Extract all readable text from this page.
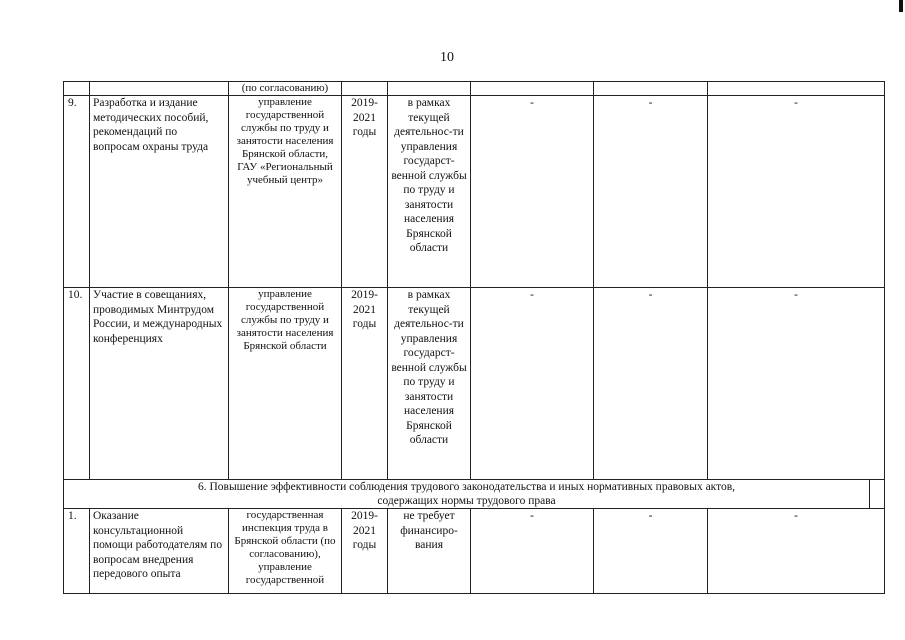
10
		(по согласованию)						
9.	Разработка и издание методических пособий, рекомендаций по вопросам охраны труда	управление государственной службы по труду и занятости населения Брянской области, ГАУ «Региональный учебный центр»	2019-2021 годы	в рамках текущей деятельнос-ти управления государст-венной службы по труду и занятости населения Брянской области	-	-	-	
10.	Участие в совещаниях, проводимых Минтрудом России, и международных конференциях	управление государственной службы по труду и занятости населения Брянской области	2019-2021 годы	в рамках текущей деятельнос-ти управления государст-венной службы по труду и занятости населения Брянской области	-	-	-	

6. Повышение эффективности соблюдения трудового законодательства и иных нормативных правовых актов,
содержащих нормы трудового права								

1.	Оказание консультационной помощи работодателям по вопросам внедрения передового опыта	государственная инспекция труда в Брянской области (по согласованию), управление государственной	2019-2021 годы	не требует финансиро-вания	-	-	-	
